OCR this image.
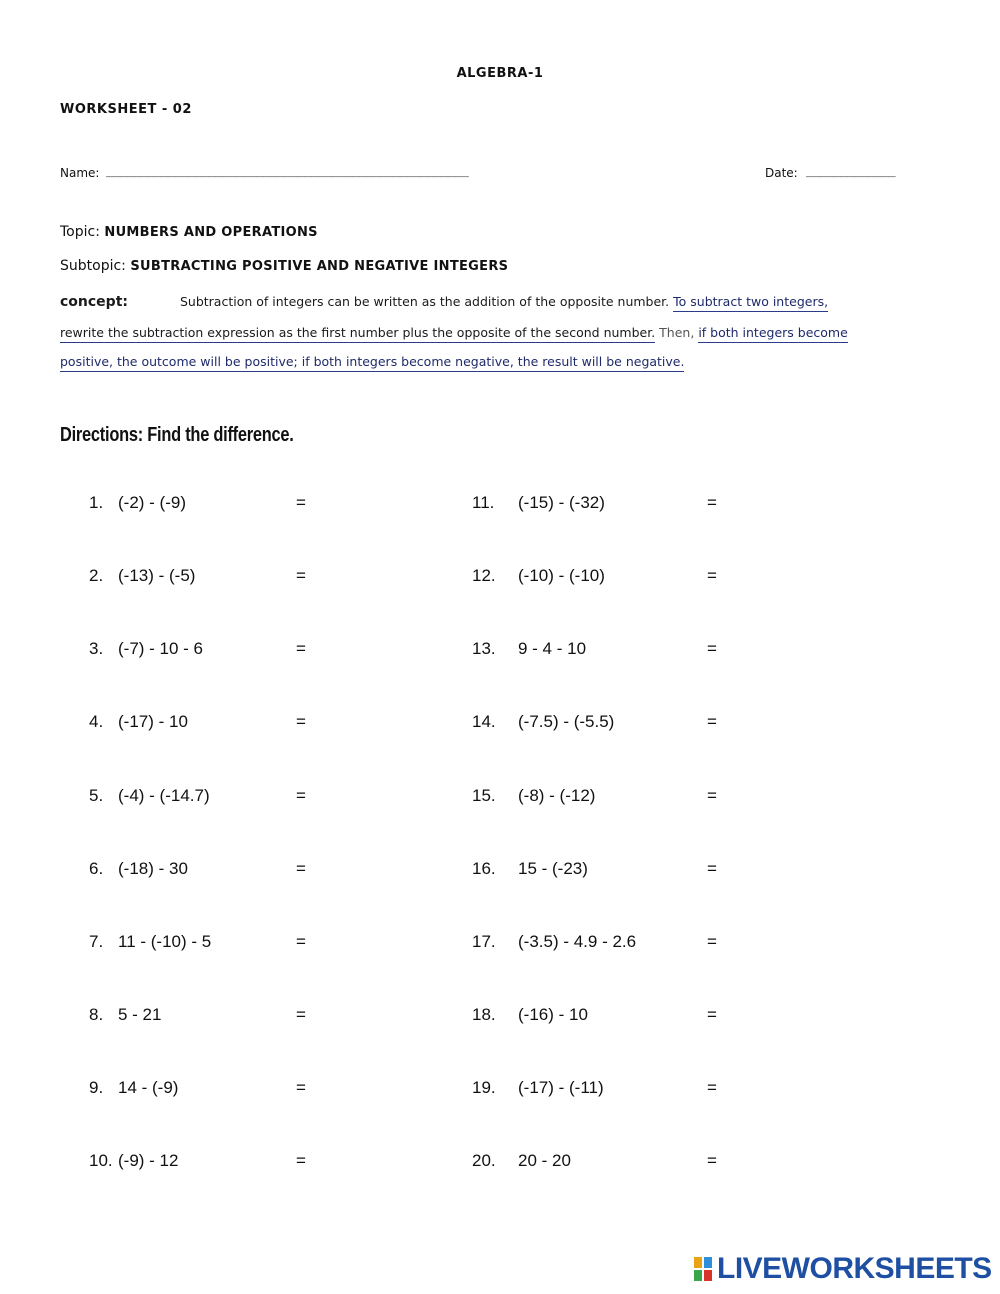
ALGEBRA-1
WORKSHEET - 02
Name: _____________________________________________________	Date: _____________
Topic: NUMBERS AND OPERATIONS
Subtopic: SUBTRACTING POSITIVE AND NEGATIVE INTEGERS
concept:	Subtraction of integers can be written as the addition of the opposite number. To subtract two integers,
rewrite the subtraction expression as the first number plus the opposite of the second number. Then, if both integers become
positive, the outcome will be positive; if both integers become negative, the result will be negative.
Directions: Find the difference.
1. (-2) - (-9)	=
2. (-13) - (-5)	=
3. (-7) - 10 - 6	=
4. (-17) - 10	=
5. (-4) - (-14.7)	=
6. (-18) - 30	=
7. 11 - (-10) - 5	=
8. 5 - 21	=
9. 14 - (-9)	=
10. (-9) - 12	=
11. (-15) - (-32)	=
12. (-10) - (-10)	=
13. 9 - 4 - 10	=
14. (-7.5) - (-5.5)	=
15. (-8) - (-12)	=
16. 15 - (-23)	=
17. (-3.5) - 4.9 - 2.6	=
18. (-16) - 10	=
19. (-17) - (-11)	=
20. 20 - 20	=
LIVEWORKSHEETS
